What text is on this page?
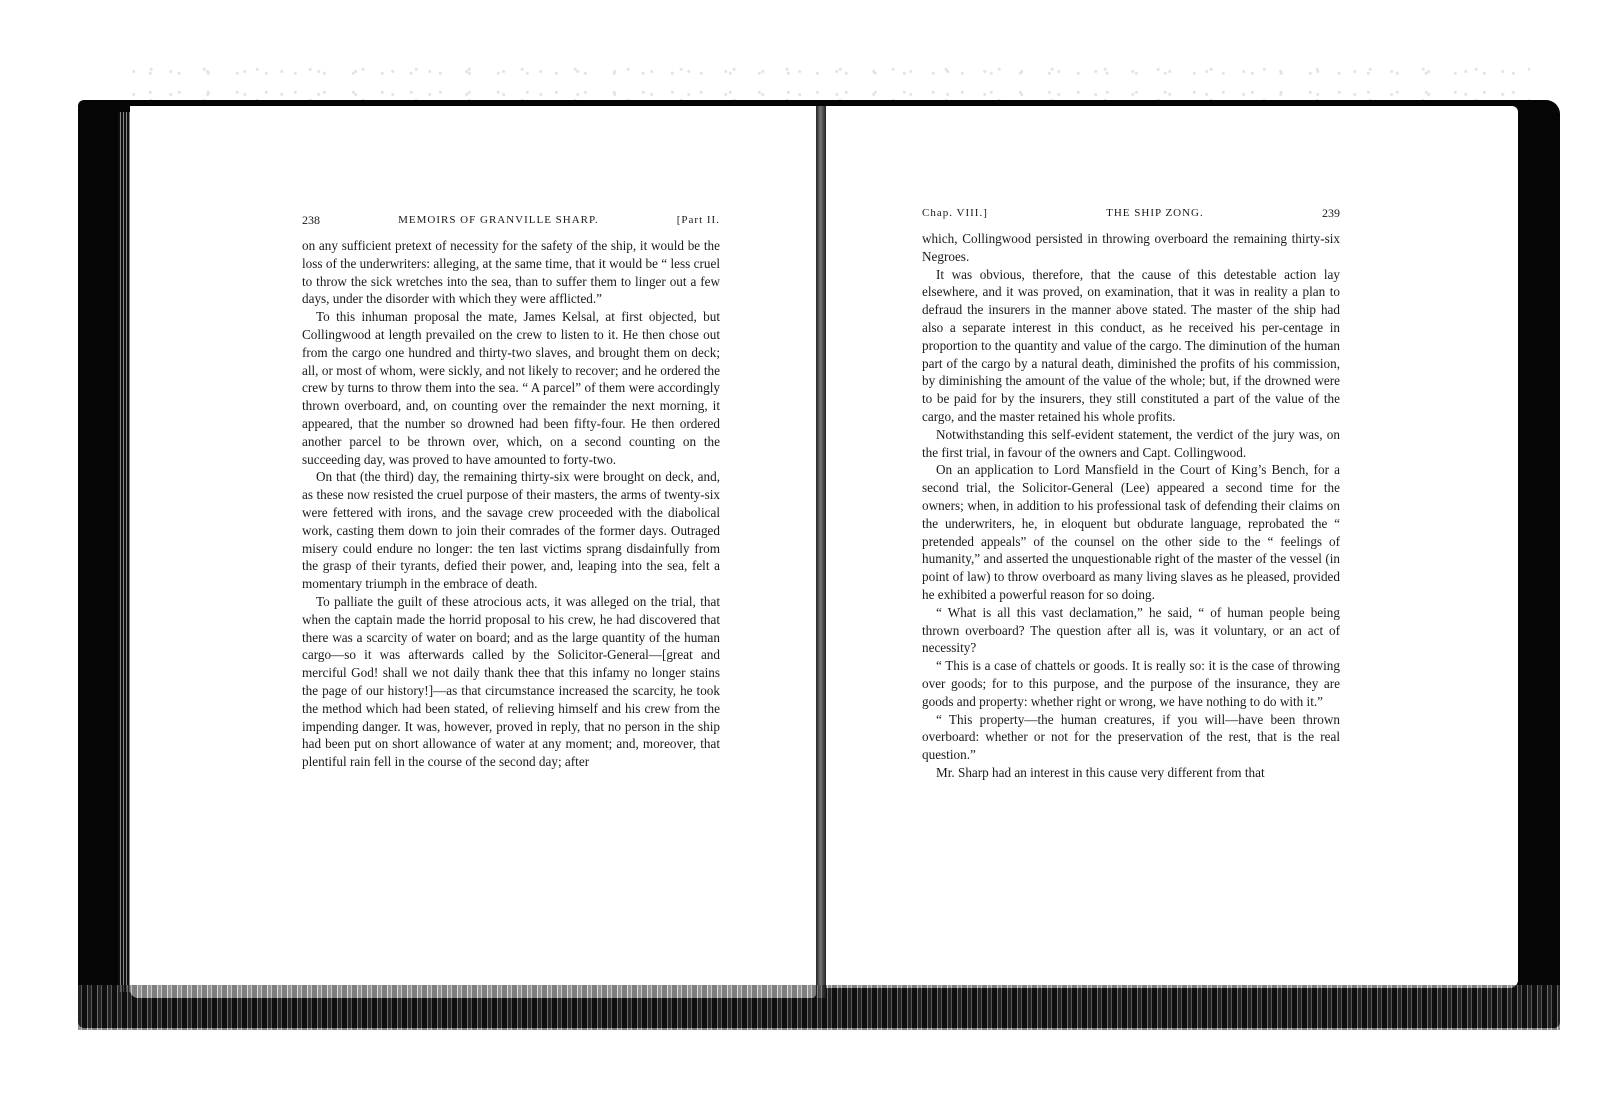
238	MEMOIRS OF GRANVILLE SHARP.	[Part II.

on any sufficient pretext of necessity for the safety of the ship, it would be the loss of the underwriters: alleging, at the same time, that it would be “ less cruel to throw the sick wretches into the sea, than to suffer them to linger out a few days, under the disorder with which they were afflicted.”

To this inhuman proposal the mate, James Kelsal, at first objected, but Collingwood at length prevailed on the crew to listen to it. He then chose out from the cargo one hundred and thirty-two slaves, and brought them on deck; all, or most of whom, were sickly, and not likely to recover; and he ordered the crew by turns to throw them into the sea. “ A parcel” of them were accordingly thrown overboard, and, on counting over the remainder the next morning, it appeared, that the number so drowned had been fifty-four. He then ordered another parcel to be thrown over, which, on a second counting on the succeeding day, was proved to have amounted to forty-two.

On that (the third) day, the remaining thirty-six were brought on deck, and, as these now resisted the cruel purpose of their masters, the arms of twenty-six were fettered with irons, and the savage crew proceeded with the diabolical work, casting them down to join their comrades of the former days. Outraged misery could endure no longer: the ten last victims sprang disdainfully from the grasp of their tyrants, defied their power, and, leaping into the sea, felt a momentary triumph in the embrace of death.

To palliate the guilt of these atrocious acts, it was alleged on the trial, that when the captain made the horrid proposal to his crew, he had discovered that there was a scarcity of water on board; and as the large quantity of the human cargo—so it was afterwards called by the Solicitor-General—[great and merciful God! shall we not daily thank thee that this infamy no longer stains the page of our history!]—as that circumstance increased the scarcity, he took the method which had been stated, of relieving himself and his crew from the impending danger. It was, however, proved in reply, that no person in the ship had been put on short allowance of water at any moment; and, moreover, that plentiful rain fell in the course of the second day; after

Chap. VIII.]	THE SHIP ZONG.	239

which, Collingwood persisted in throwing overboard the remaining thirty-six Negroes.

It was obvious, therefore, that the cause of this detestable action lay elsewhere, and it was proved, on examination, that it was in reality a plan to defraud the insurers in the manner above stated. The master of the ship had also a separate interest in this conduct, as he received his per-centage in proportion to the quantity and value of the cargo. The diminution of the human part of the cargo by a natural death, diminished the profits of his commission, by diminishing the amount of the value of the whole; but, if the drowned were to be paid for by the insurers, they still constituted a part of the value of the cargo, and the master retained his whole profits.

Notwithstanding this self-evident statement, the verdict of the jury was, on the first trial, in favour of the owners and Capt. Collingwood.

On an application to Lord Mansfield in the Court of King’s Bench, for a second trial, the Solicitor-General (Lee) appeared a second time for the owners; when, in addition to his professional task of defending their claims on the underwriters, he, in eloquent but obdurate language, reprobated the “ pretended appeals” of the counsel on the other side to the “ feelings of humanity,” and asserted the unquestionable right of the master of the vessel (in point of law) to throw overboard as many living slaves as he pleased, provided he exhibited a powerful reason for so doing.

“ What is all this vast declamation,” he said, “ of human people being thrown overboard? The question after all is, was it voluntary, or an act of necessity?

“ This is a case of chattels or goods. It is really so: it is the case of throwing over goods; for to this purpose, and the purpose of the insurance, they are goods and property: whether right or wrong, we have nothing to do with it.”

“ This property—the human creatures, if you will—have been thrown overboard: whether or not for the preservation of the rest, that is the real question.”

Mr. Sharp had an interest in this cause very different from that
